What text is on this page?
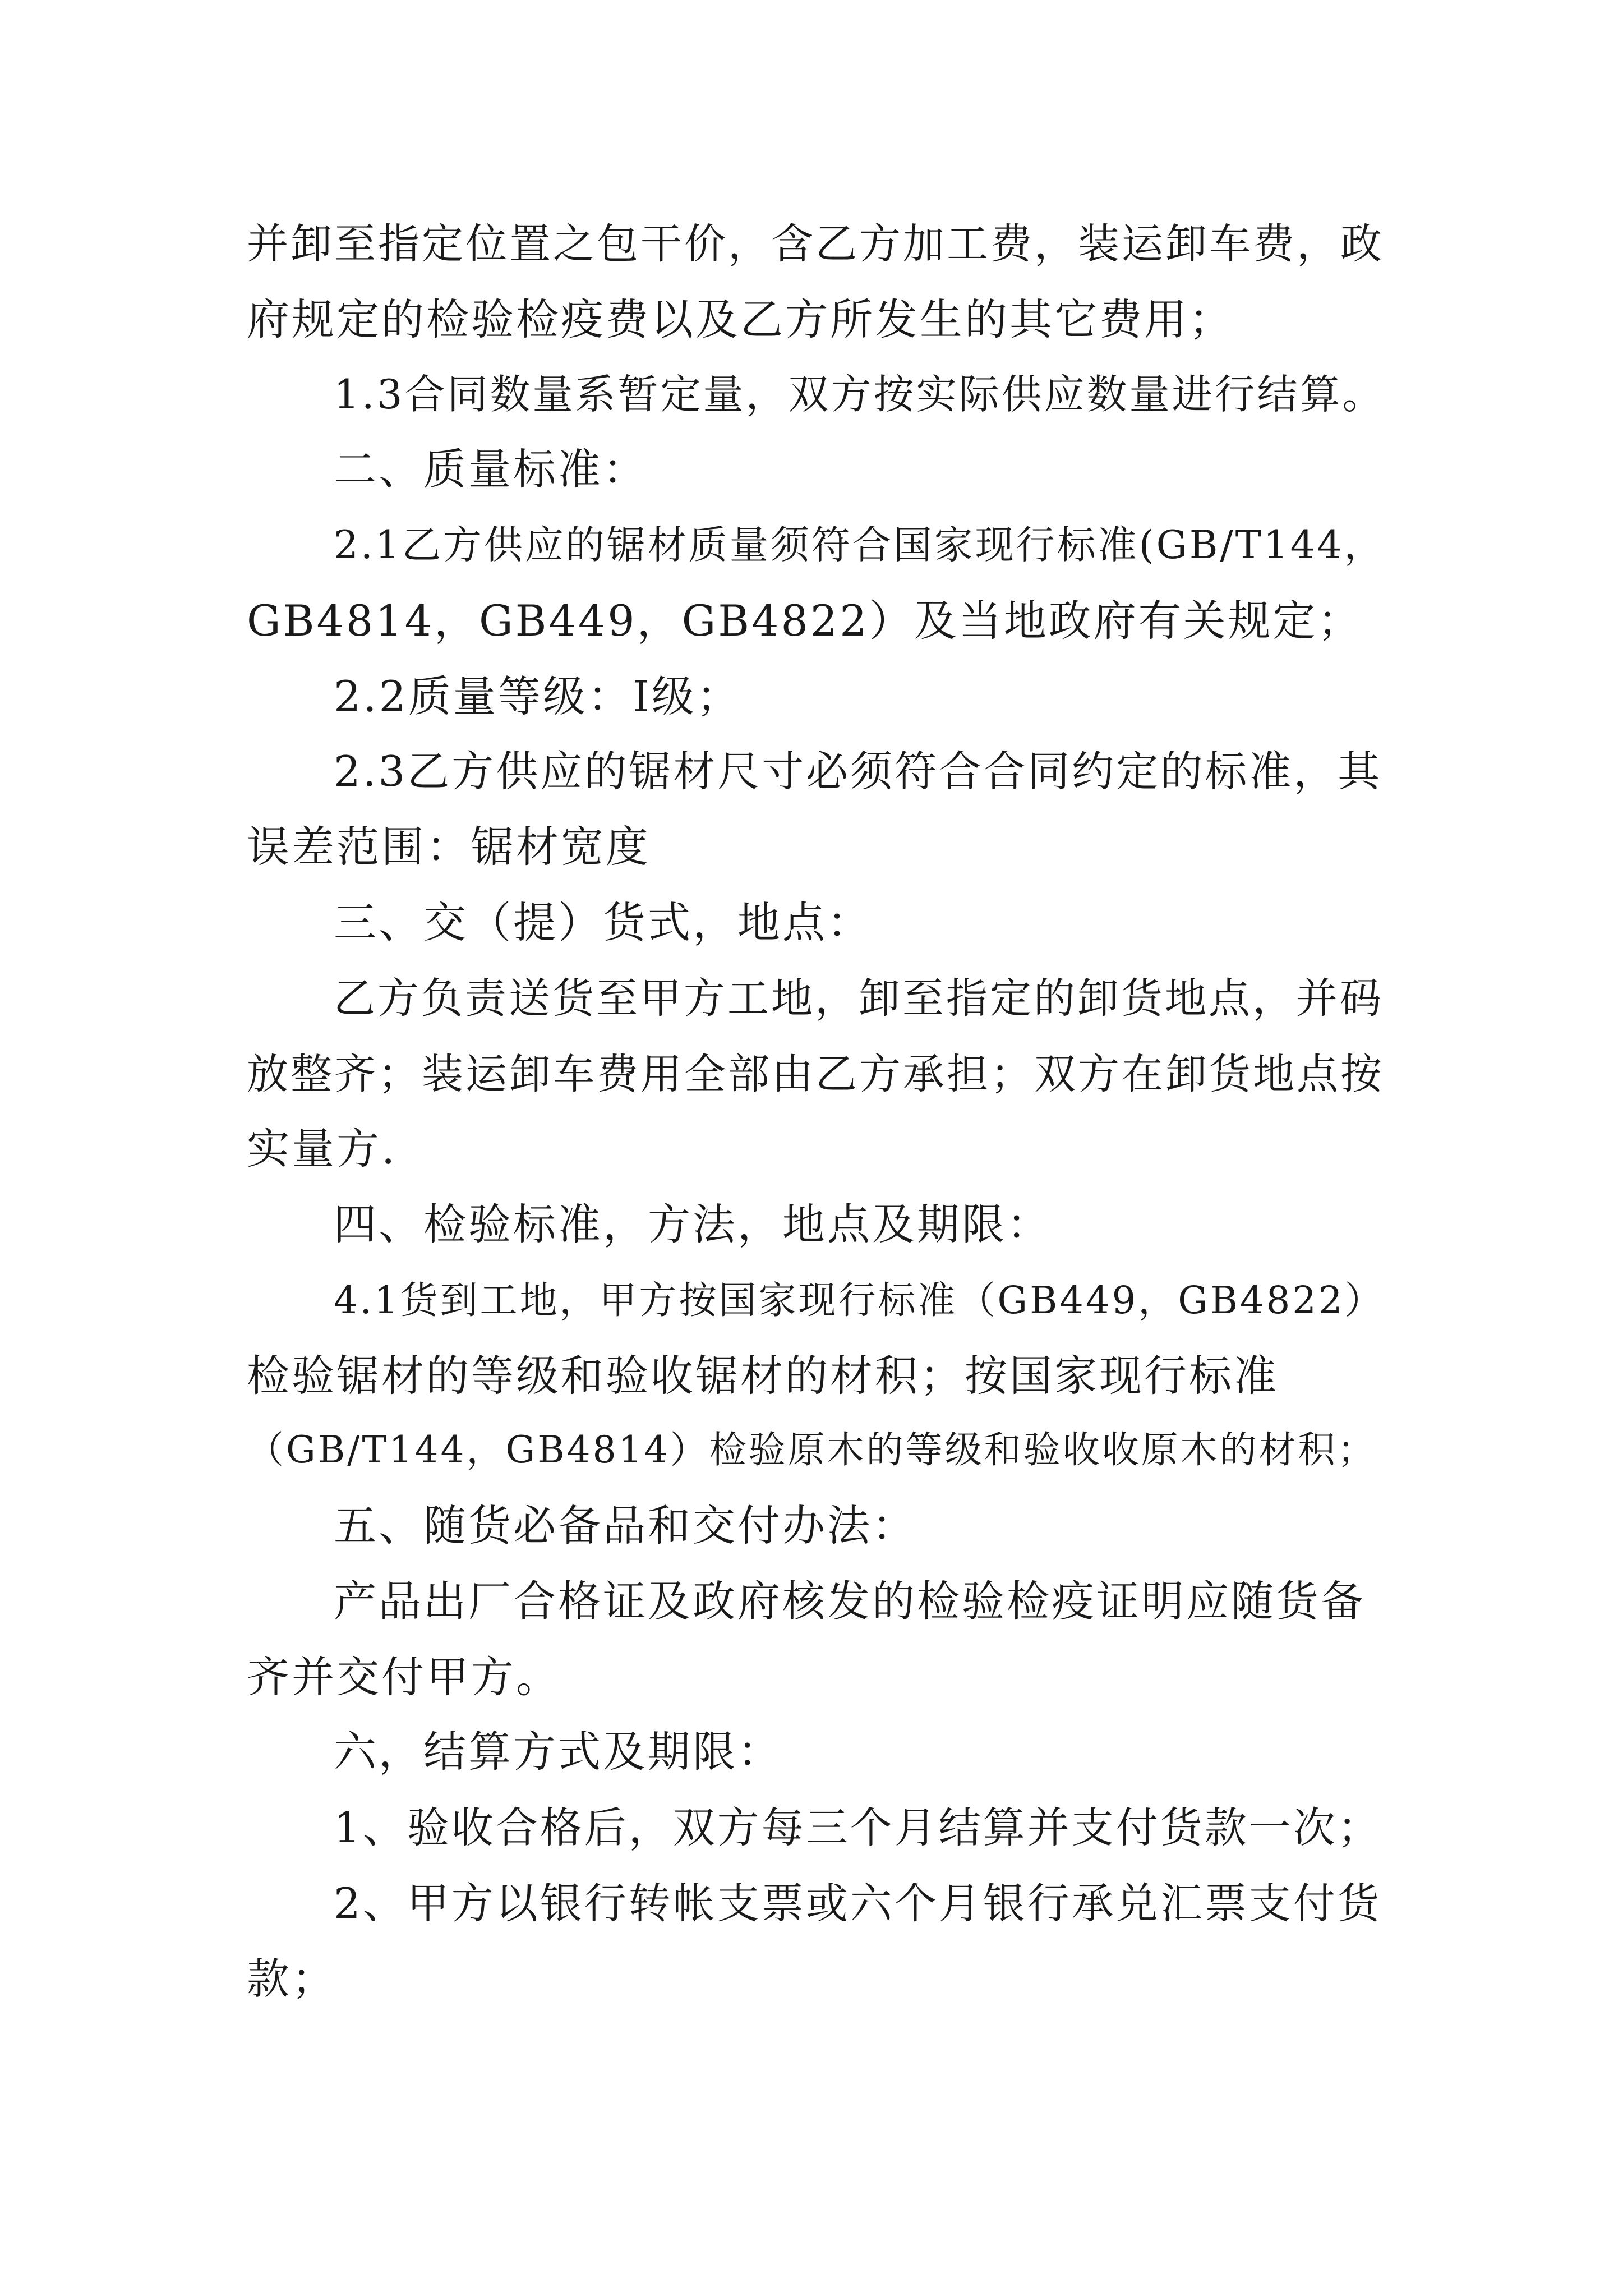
并卸至指定位置之包干价，含乙方加工费，装运卸车费，政
府规定的检验检疫费以及乙方所发生的其它费用；
1.3合同数量系暂定量，双方按实际供应数量进行结算。
二、质量标准：
2.1乙方供应的锯材质量须符合国家现行标准(GB/T144，
GB4814，GB449，GB4822）及当地政府有关规定；
2.2质量等级：Ⅰ级；
2.3乙方供应的锯材尺寸必须符合合同约定的标准，其
误差范围：锯材宽度
三、交（提）货式，地点：
乙方负责送货至甲方工地，卸至指定的卸货地点，并码
放整齐；装运卸车费用全部由乙方承担；双方在卸货地点按
实量方.
四、检验标准，方法，地点及期限：
4.1货到工地，甲方按国家现行标准（GB449，GB4822）
检验锯材的等级和验收锯材的材积；按国家现行标准
（GB/T144，GB4814）检验原木的等级和验收收原木的材积；
五、随货必备品和交付办法：
产品出厂合格证及政府核发的检验检疫证明应随货备
齐并交付甲方。
六，结算方式及期限：
1、验收合格后，双方每三个月结算并支付货款一次；
2、甲方以银行转帐支票或六个月银行承兑汇票支付货
款；
